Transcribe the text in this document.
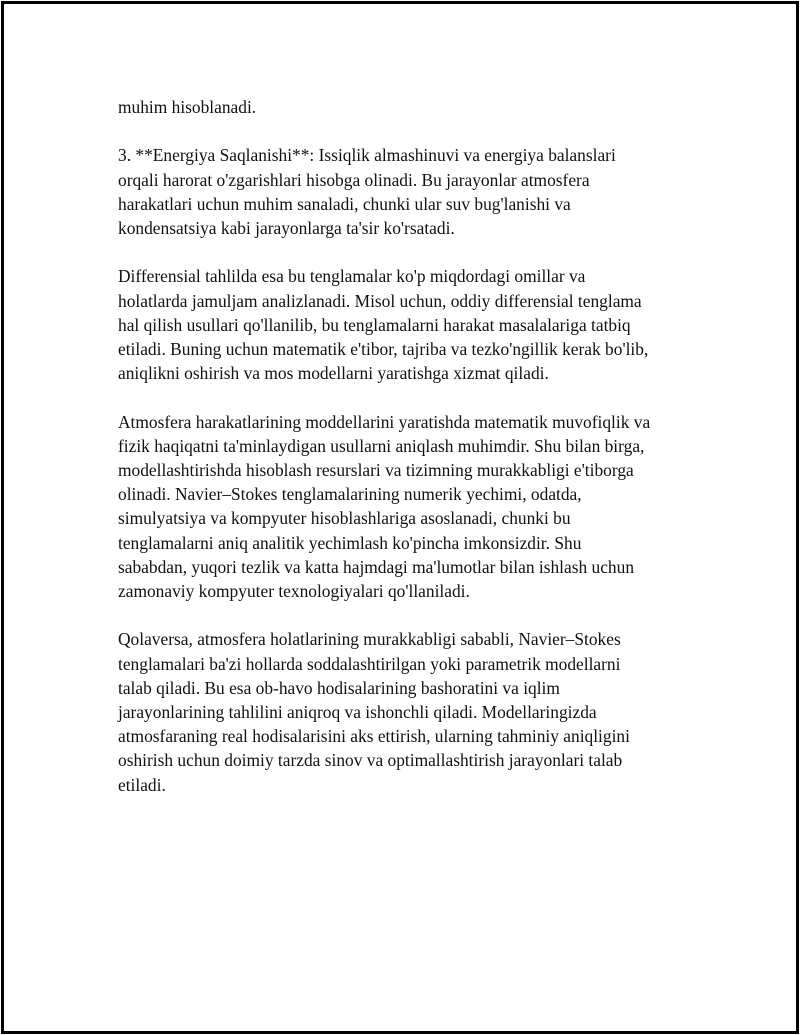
muhim hisoblanadi.

3. **Energiya Saqlanishi**: Issiqlik almashinuvi va energiya balanslari
orqali harorat o'zgarishlari hisobga olinadi. Bu jarayonlar atmosfera
harakatlari uchun muhim sanaladi, chunki ular suv bug'lanishi va
kondensatsiya kabi jarayonlarga ta'sir ko'rsatadi.

Differensial tahlilda esa bu tenglamalar ko'p miqdordagi omillar va
holatlarda jamuljam analizlanadi. Misol uchun, oddiy differensial tenglama
hal qilish usullari qo'llanilib, bu tenglamalarni harakat masalalariga tatbiq
etiladi. Buning uchun matematik e'tibor, tajriba va tezko'ngillik kerak bo'lib,
aniqlikni oshirish va mos modellarni yaratishga xizmat qiladi.

Atmosfera harakatlarining moddellarini yaratishda matematik muvofiqlik va
fizik haqiqatni ta'minlaydigan usullarni aniqlash muhimdir. Shu bilan birga,
modellashtirishda hisoblash resurslari va tizimning murakkabligi e'tiborga
olinadi. Navier–Stokes tenglamalarining numerik yechimi, odatda,
simulyatsiya va kompyuter hisoblashlariga asoslanadi, chunki bu
tenglamalarni aniq analitik yechimlash ko'pincha imkonsizdir. Shu
sababdan, yuqori tezlik va katta hajmdagi ma'lumotlar bilan ishlash uchun
zamonaviy kompyuter texnologiyalari qo'llaniladi.

Qolaversa, atmosfera holatlarining murakkabligi sababli, Navier–Stokes
tenglamalari ba'zi hollarda soddalashtirilgan yoki parametrik modellarni
talab qiladi. Bu esa ob-havo hodisalarining bashoratini va iqlim
jarayonlarining tahlilini aniqroq va ishonchli qiladi. Modellaringizda
atmosfaraning real hodisalarisini aks ettirish, ularning tahminiy aniqligini
oshirish uchun doimiy tarzda sinov va optimallashtirish jarayonlari talab
etiladi.
